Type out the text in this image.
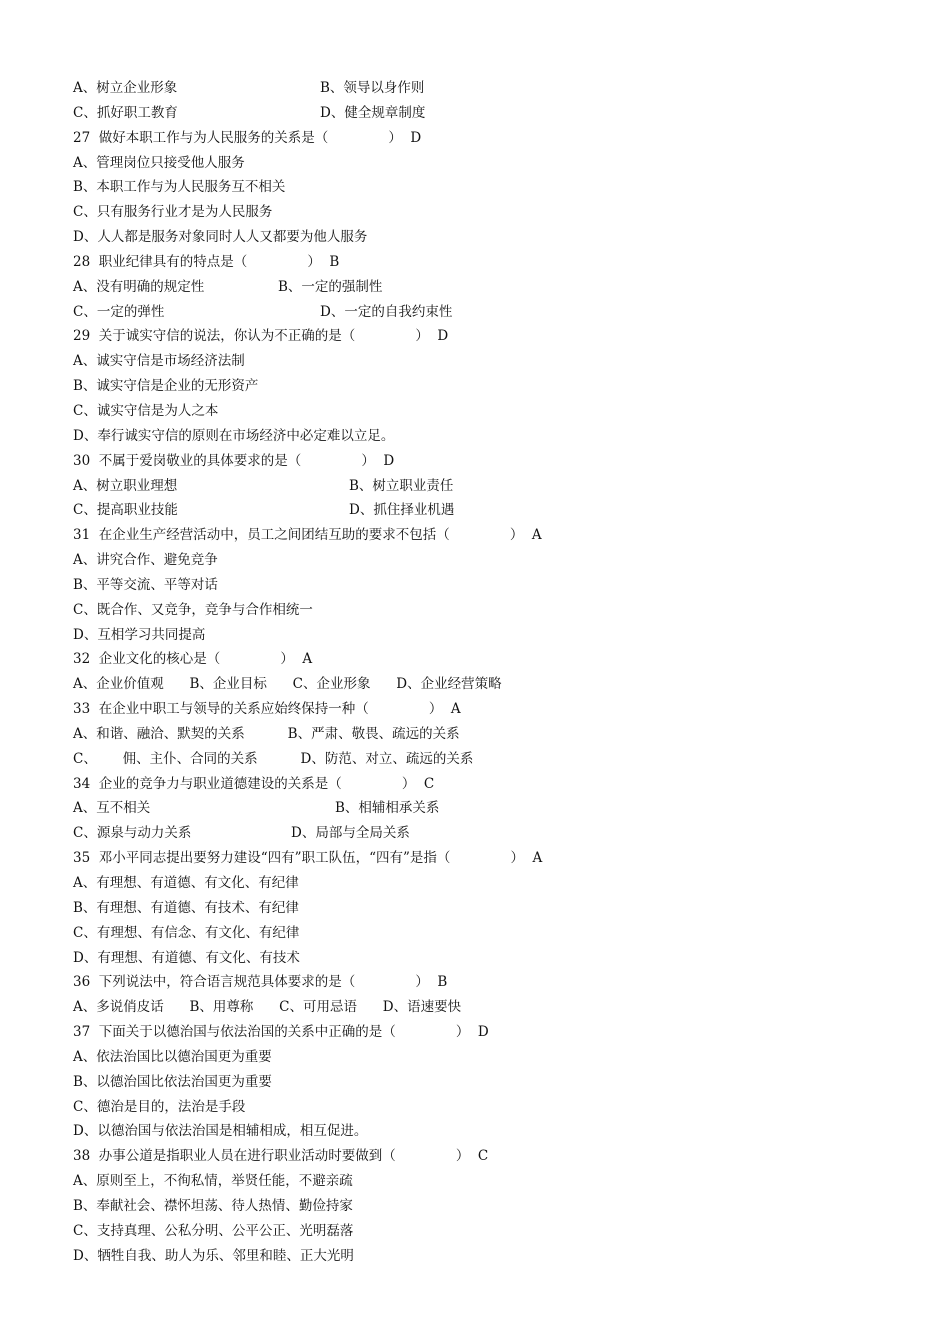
A、树立企业形象	B、领导以身作则
C、抓好职工教育	D、健全规章制度
27  做好本职工作与为人民服务的关系是（              ）  D
A、管理岗位只接受他人服务
B、本职工作与为人民服务互不相关
C、只有服务行业才是为人民服务
D、人人都是服务对象同时人人又都要为他人服务
28  职业纪律具有的特点是（              ）  B
A、没有明确的规定性	B、一定的强制性
C、一定的弹性	D、一定的自我约束性
29  关于诚实守信的说法，你认为不正确的是（              ）  D
A、诚实守信是市场经济法制
B、诚实守信是企业的无形资产
C、诚实守信是为人之本
D、奉行诚实守信的原则在市场经济中必定难以立足。
30  不属于爱岗敬业的具体要求的是（              ）  D
A、树立职业理想	B、树立职业责任
C、提高职业技能	D、抓住择业机遇
31  在企业生产经营活动中，员工之间团结互助的要求不包括（              ）  A
A、讲究合作、避免竞争
B、平等交流、平等对话
C、既合作、又竞争，竞争与合作相统一
D、互相学习共同提高
32  企业文化的核心是（              ）  A
A、企业价值观      B、企业目标      C、企业形象      D、企业经营策略
33  在企业中职工与领导的关系应始终保持一种（              ）  A
A、和谐、融洽、默契的关系          B、严肃、敬畏、疏远的关系
C、      佣、主仆、合同的关系          D、防范、对立、疏远的关系
34  企业的竞争力与职业道德建设的关系是（              ）  C
A、互不相关	B、相辅相承关系
C、源泉与动力关系	D、局部与全局关系
35  邓小平同志提出要努力建设“四有”职工队伍，“四有”是指（              ）  A
A、有理想、有道德、有文化、有纪律
B、有理想、有道德、有技术、有纪律
C、有理想、有信念、有文化、有纪律
D、有理想、有道德、有文化、有技术
36  下列说法中，符合语言规范具体要求的是（              ）  B
A、多说俏皮话      B、用尊称      C、可用忌语      D、语速要快
37  下面关于以德治国与依法治国的关系中正确的是（              ）  D
A、依法治国比以德治国更为重要
B、以德治国比依法治国更为重要
C、德治是目的，法治是手段
D、以德治国与依法治国是相辅相成，相互促进。
38  办事公道是指职业人员在进行职业活动时要做到（              ）  C
A、原则至上，不徇私情，举贤任能，不避亲疏
B、奉献社会、襟怀坦荡、待人热情、勤俭持家
C、支持真理、公私分明、公平公正、光明磊落
D、牺牲自我、助人为乐、邻里和睦、正大光明
